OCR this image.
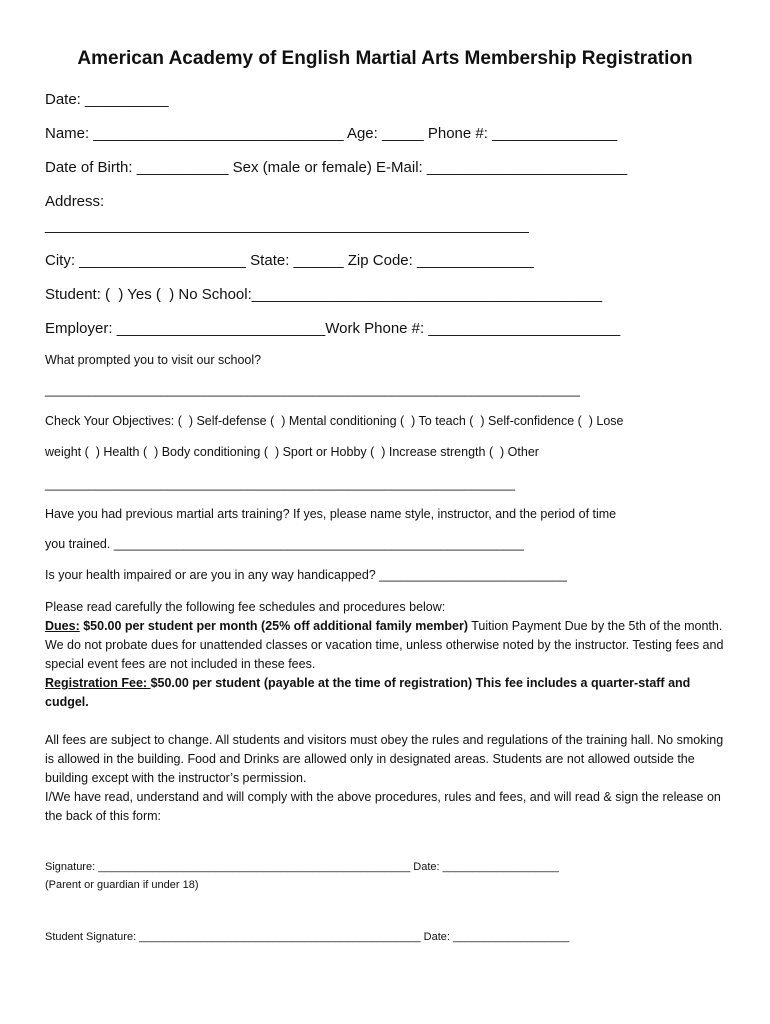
American Academy of English Martial Arts Membership Registration
Date: __________
Name: ______________________________ Age: _____ Phone #: _______________
Date of Birth: ___________ Sex (male or female) E-Mail: ________________________
Address:
__________________________________________________________
City: ____________________ State: ______ Zip Code: ______________
Student: (  ) Yes (  ) No School:__________________________________________
Employer: _________________________Work Phone #: _______________________
What prompted you to visit our school?
__________________________________________________________________________
Check Your Objectives: (  ) Self-defense (  ) Mental conditioning (  ) To teach (  ) Self-confidence (  ) Lose
weight (  ) Health (  ) Body conditioning (  ) Sport or Hobby (  ) Increase strength (  ) Other
_________________________________________________________________
Have you had previous martial arts training? If yes, please name style, instructor, and the period of time
you trained. ___________________________________________________________
Is your health impaired or are you in any way handicapped? ___________________________

Please read carefully the following fee schedules and procedures below:

Dues: $50.00 per student per month (25% off additional family member) Tuition Payment Due by the 5th of the month. We do not probate dues for unattended classes or vacation time, unless otherwise noted by the instructor. Testing fees and special event fees are not included in these fees.

Registration Fee: $50.00 per student (payable at the time of registration) This fee includes a quarter-staff and cudgel.

All fees are subject to change. All students and visitors must obey the rules and regulations of the training hall. No smoking is allowed in the building. Food and Drinks are allowed only in designated areas. Students are not allowed outside the building except with the instructor’s permission.

I/We have read, understand and will comply with the above procedures, rules and fees, and will read & sign the release on the back of this form:

Signature: ___________________________________________________ Date: ___________________
(Parent or guardian if under 18)
Student Signature: ______________________________________________ Date: ___________________
